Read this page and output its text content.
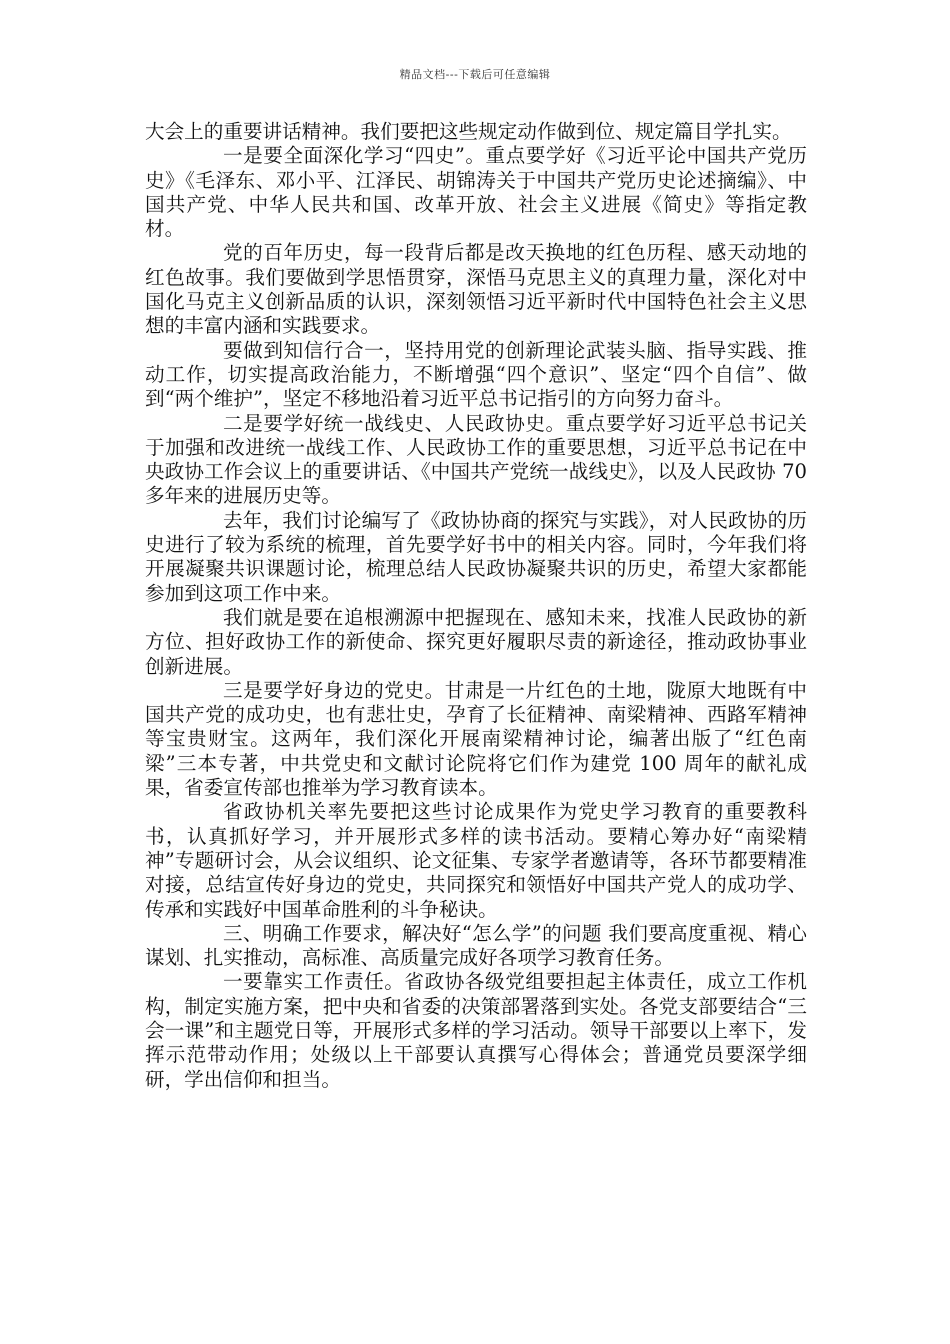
精品文档---下载后可任意编辑

大会上的重要讲话精神。我们要把这些规定动作做到位、规定篇目学扎实。

一是要全面深化学习“四史”。重点要学好《习近平论中国共产党历史》《毛泽东、邓小平、江泽民、胡锦涛关于中国共产党历史论述摘编》、中国共产党、中华人民共和国、改革开放、社会主义进展《简史》等指定教材。

党的百年历史，每一段背后都是改天换地的红色历程、感天动地的红色故事。我们要做到学思悟贯穿，深悟马克思主义的真理力量，深化对中国化马克主义创新品质的认识，深刻领悟习近平新时代中国特色社会主义思想的丰富内涵和实践要求。

要做到知信行合一，坚持用党的创新理论武装头脑、指导实践、推动工作，切实提高政治能力，不断增强“四个意识”、坚定“四个自信”、做到“两个维护”，坚定不移地沿着习近平总书记指引的方向努力奋斗。

二是要学好统一战线史、人民政协史。重点要学好习近平总书记关于加强和改进统一战线工作、人民政协工作的重要思想，习近平总书记在中央政协工作会议上的重要讲话、《中国共产党统一战线史》，以及人民政协 70 多年来的进展历史等。

去年，我们讨论编写了《政协协商的探究与实践》，对人民政协的历史进行了较为系统的梳理，首先要学好书中的相关内容。同时，今年我们将开展凝聚共识课题讨论，梳理总结人民政协凝聚共识的历史，希望大家都能参加到这项工作中来。

我们就是要在追根溯源中把握现在、感知未来，找准人民政协的新方位、担好政协工作的新使命、探究更好履职尽责的新途径，推动政协事业创新进展。

三是要学好身边的党史。甘肃是一片红色的土地，陇原大地既有中国共产党的成功史，也有悲壮史，孕育了长征精神、南梁精神、西路军精神等宝贵财宝。这两年，我们深化开展南梁精神讨论，编著出版了“红色南梁”三本专著，中共党史和文献讨论院将它们作为建党 100 周年的献礼成果，省委宣传部也推举为学习教育读本。

省政协机关率先要把这些讨论成果作为党史学习教育的重要教科书，认真抓好学习，并开展形式多样的读书活动。要精心筹办好“南梁精神”专题研讨会，从会议组织、论文征集、专家学者邀请等，各环节都要精准对接，总结宣传好身边的党史，共同探究和领悟好中国共产党人的成功学、传承和实践好中国革命胜利的斗争秘诀。

三、明确工作要求，解决好“怎么学”的问题 我们要高度重视、精心谋划、扎实推动，高标准、高质量完成好各项学习教育任务。

一要靠实工作责任。省政协各级党组要担起主体责任，成立工作机构，制定实施方案，把中央和省委的决策部署落到实处。各党支部要结合“三会一课”和主题党日等，开展形式多样的学习活动。领导干部要以上率下，发挥示范带动作用；处级以上干部要认真撰写心得体会；普通党员要深学细研，学出信仰和担当。
